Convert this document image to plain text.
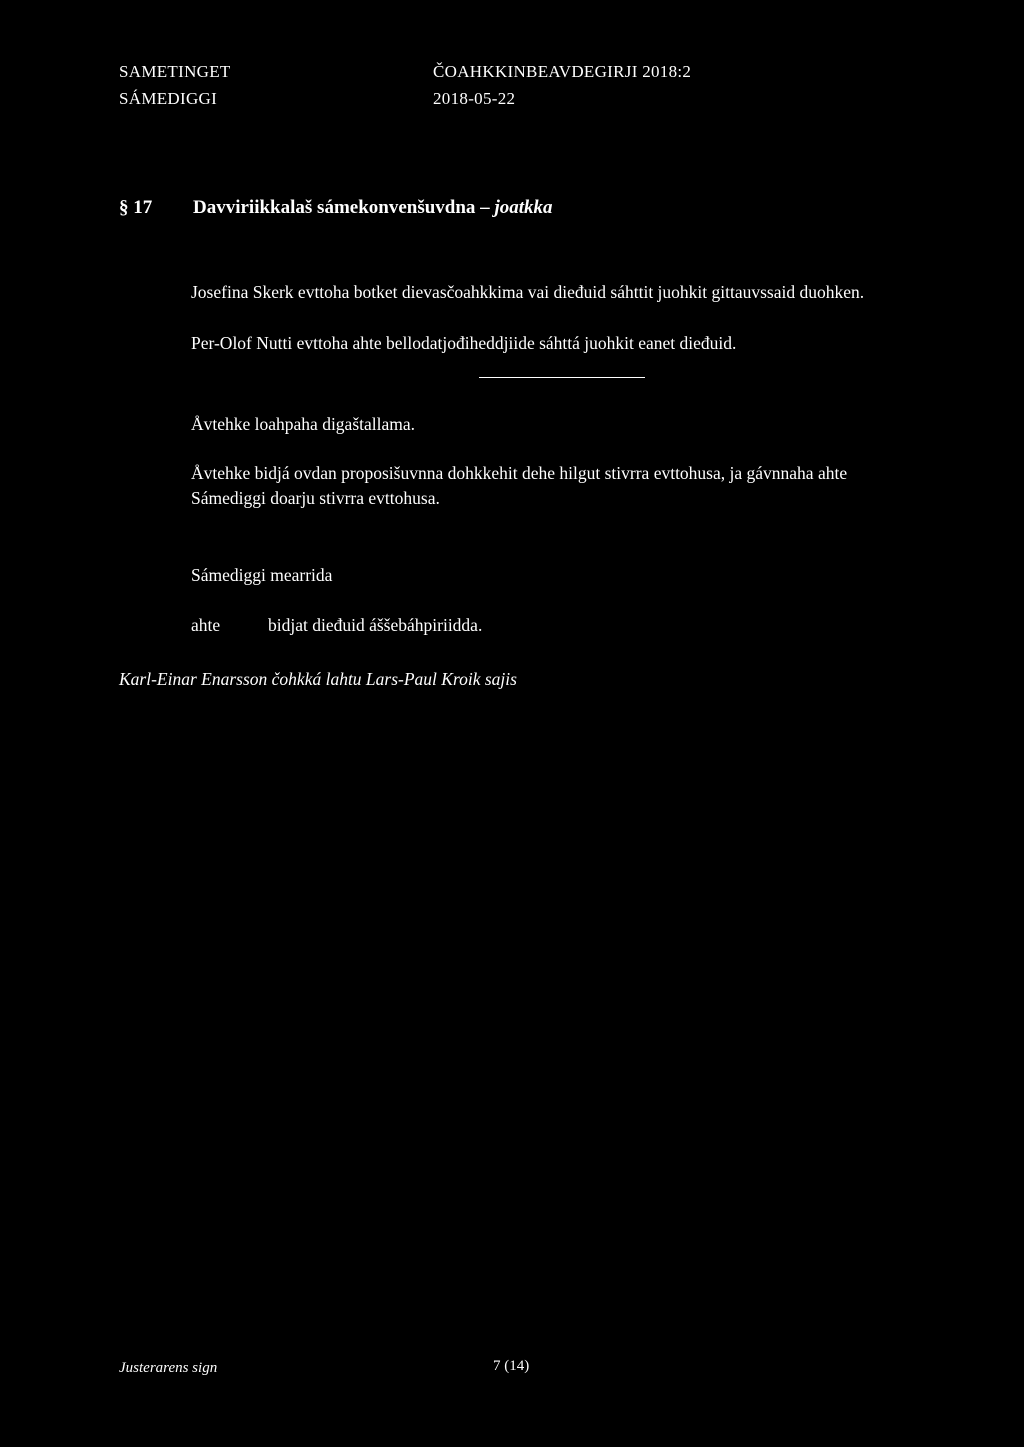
SAMETINGET
SÁMEDIGGI
ČOAHKKINBEAVDEGIRJI 2018:2
2018-05-22
§ 17 Davviriikkalaš sámekonvenšuvdna – joatkka
Josefina Skerk evttoha botket dievasčoahkkima vai dieđuid sáhttit juohkit gittauvssaid duohken.
Per-Olof Nutti evttoha ahte bellodatjođiheddjiide sáhttá juohkit eanet dieđuid.
Åvtehke loahpaha digaštallama.
Åvtehke bidjá ovdan proposišuvnna dohkkehit dehe hilgut stivrra evttohusa, ja gávnnaha ahte
Sámediggi doarju stivrra evttohusa.
Sámediggi mearrida
ahte	bidjat dieđuid áššebáhpiriidda.
Karl-Einar Enarsson čohkká lahtu Lars-Paul Kroik sajis
Justerarens sign	7 (14)
